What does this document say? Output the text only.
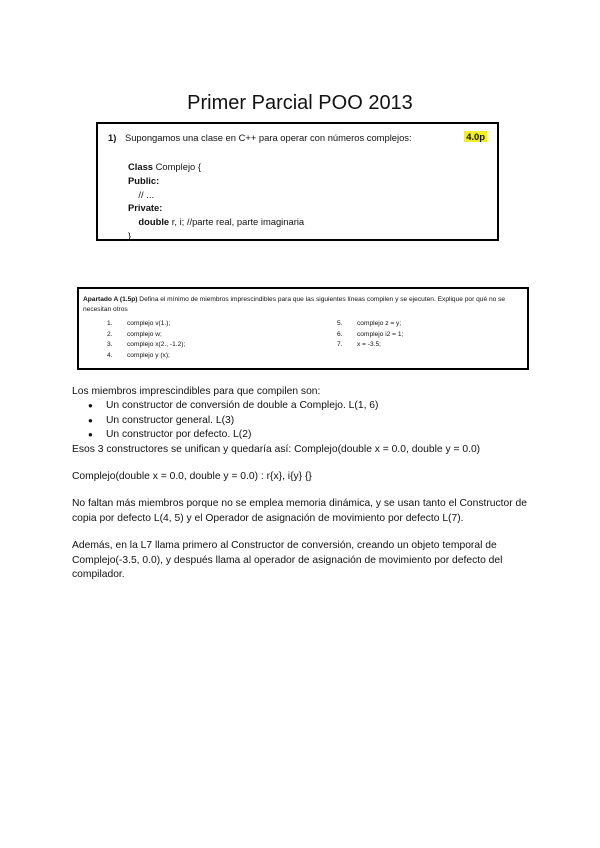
Primer Parcial POO 2013
1) Supongamos una clase en C++ para operar con números complejos:	4.0p
Class Complejo {
Public:
// ...
Private:
double r, i; //parte real, parte imaginaria
}
Apartado A (1.5p) Defina el mínimo de miembros imprescindibles para que las siguientes líneas compilen y se ejecuten. Explique por qué no se necesitan otros
1. complejo v(1.);
2. complejo w;
3. complejo x(2., -1.2);
4. complejo y (x);
5. complejo z = y;
6. complejo i2 = 1;
7. x = -3.5;

Los miembros imprescindibles para que compilen son:

● Un constructor de conversión de double a Complejo. L(1, 6)
● Un constructor general. L(3)
● Un constructor por defecto. L(2)

Esos 3 constructores se unifican y quedaría así: Complejo(double x = 0.0, double y = 0.0)

Complejo(double x = 0.0, double y = 0.0) : r{x}, i{y} {}

No faltan más miembros porque no se emplea memoria dinámica, y se usan tanto el Constructor de copia por defecto L(4, 5) y el Operador de asignación de movimiento por defecto L(7).

Además, en la L7 llama primero al Constructor de conversión, creando un objeto temporal de Complejo(-3.5, 0.0), y después llama al operador de asignación de movimiento por defecto del compilador.
